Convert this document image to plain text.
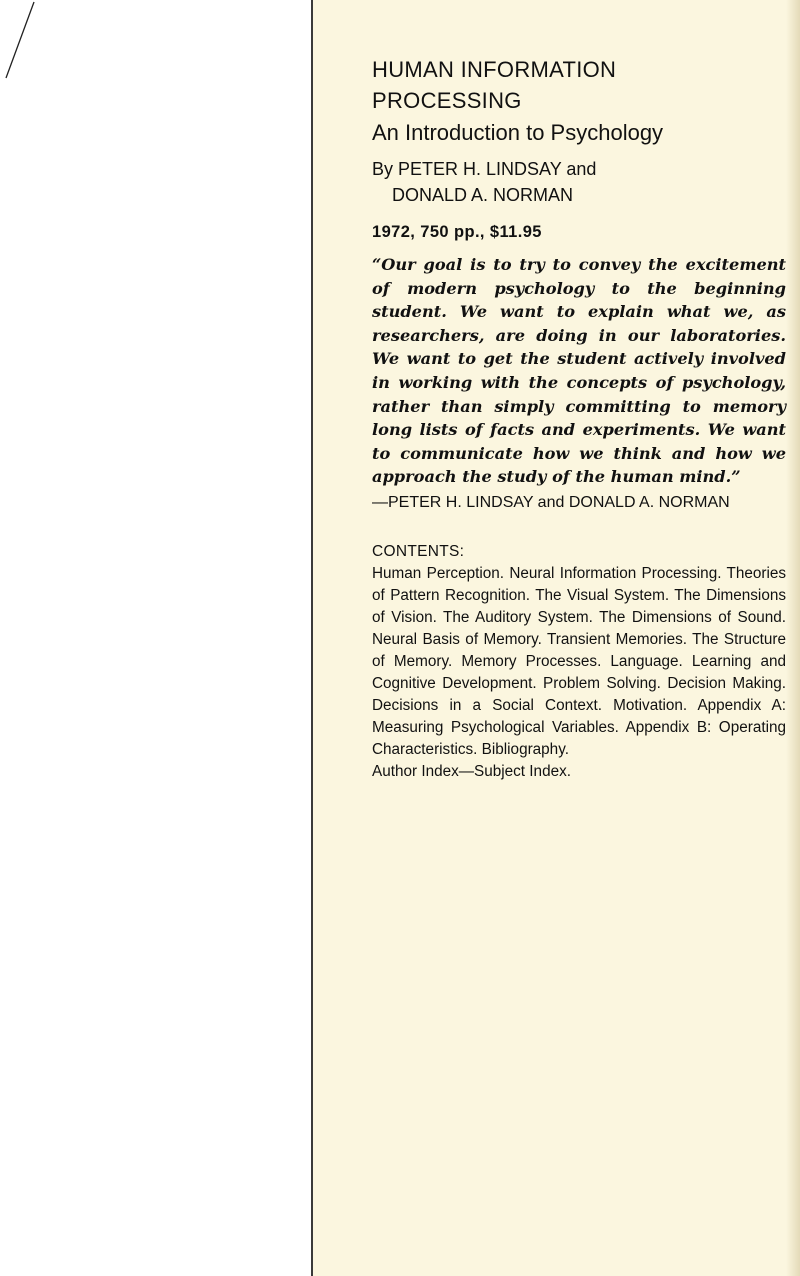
HUMAN INFORMATION PROCESSING
An Introduction to Psychology
By PETER H. LINDSAY and
DONALD A. NORMAN
1972, 750 pp., $11.95

“Our goal is to try to convey the excitement of modern psychology to the beginning student. We want to explain what we, as researchers, are doing in our laboratories. We want to get the student actively involved in working with the concepts of psychology, rather than simply committing to memory long lists of facts and experiments. We want to communicate how we think and how we approach the study of the human mind.”

—PETER H. LINDSAY and DONALD A. NORMAN
CONTENTS:

Human Perception. Neural Information Processing. Theories of Pattern Recognition. The Visual System. The Dimensions of Vision. The Auditory System. The Dimensions of Sound. Neural Basis of Memory. Transient Memories. The Structure of Memory. Memory Processes. Language. Learning and Cognitive Development. Problem Solving. Decision Making. Decisions in a Social Context. Motivation. Appendix A: Measuring Psychological Variables. Appendix B: Operating Characteristics. Bibliography.

Author Index—Subject Index.
